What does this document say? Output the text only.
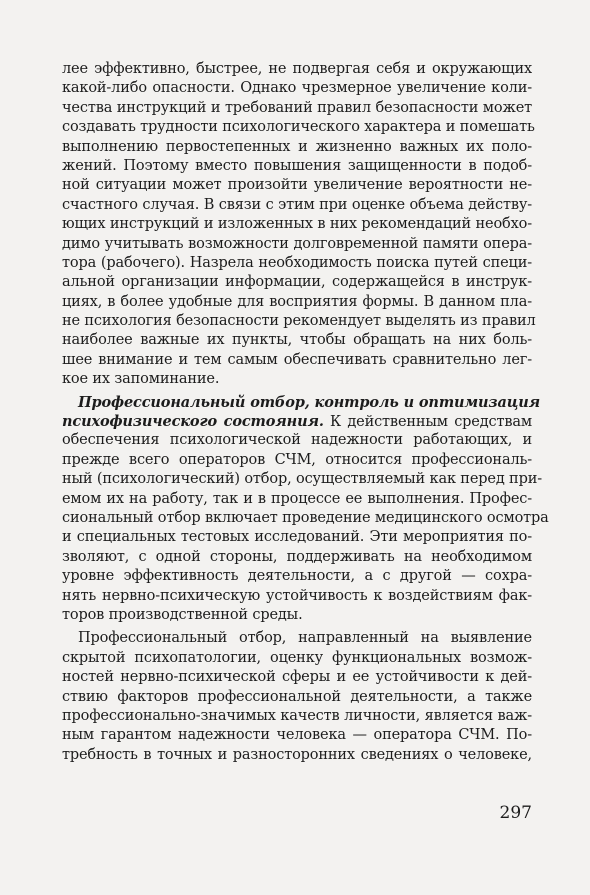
лее эффективно, быстрее, не подвергая себя и окружающих
какой-либо опасности. Однако чрезмерное увеличение коли-
чества инструкций и требований правил безопасности может
создавать трудности психологического характера и помешать
выполнению первостепенных и жизненно важных их поло-
жений. Поэтому вместо повышения защищенности в подоб-
ной ситуации может произойти увеличение вероятности не-
счастного случая. В связи с этим при оценке объема действу-
ющих инструкций и изложенных в них рекомендаций необхо-
димо учитывать возможности долговременной памяти опера-
тора (рабочего). Назрела необходимость поиска путей специ-
альной организации информации, содержащейся в инструк-
циях, в более удобные для восприятия формы. В данном пла-
не психология безопасности рекомендует выделять из правил
наиболее важные их пункты, чтобы обращать на них боль-
шее внимание и тем самым обеспечивать сравнительно лег-
кое их запоминание.
Профессиональный отбор, контроль и оптимизация
психофизического состояния. К действенным средствам
обеспечения психологической надежности работающих, и
прежде всего операторов СЧМ, относится профессиональ-
ный (психологический) отбор, осуществляемый как перед при-
емом их на работу, так и в процессе ее выполнения. Профес-
сиональный отбор включает проведение медицинского осмотра
и специальных тестовых исследований. Эти мероприятия по-
зволяют, с одной стороны, поддерживать на необходимом
уровне эффективность деятельности, а с другой — сохра-
нять нервно-психическую устойчивость к воздействиям фак-
торов производственной среды.
Профессиональный отбор, направленный на выявление
скрытой психопатологии, оценку функциональных возмож-
ностей нервно-психической сферы и ее устойчивости к дей-
ствию факторов профессиональной деятельности, а также
профессионально-значимых качеств личности, является важ-
ным гарантом надежности человека — оператора СЧМ. По-
требность в точных и разносторонних сведениях о человеке,
297
